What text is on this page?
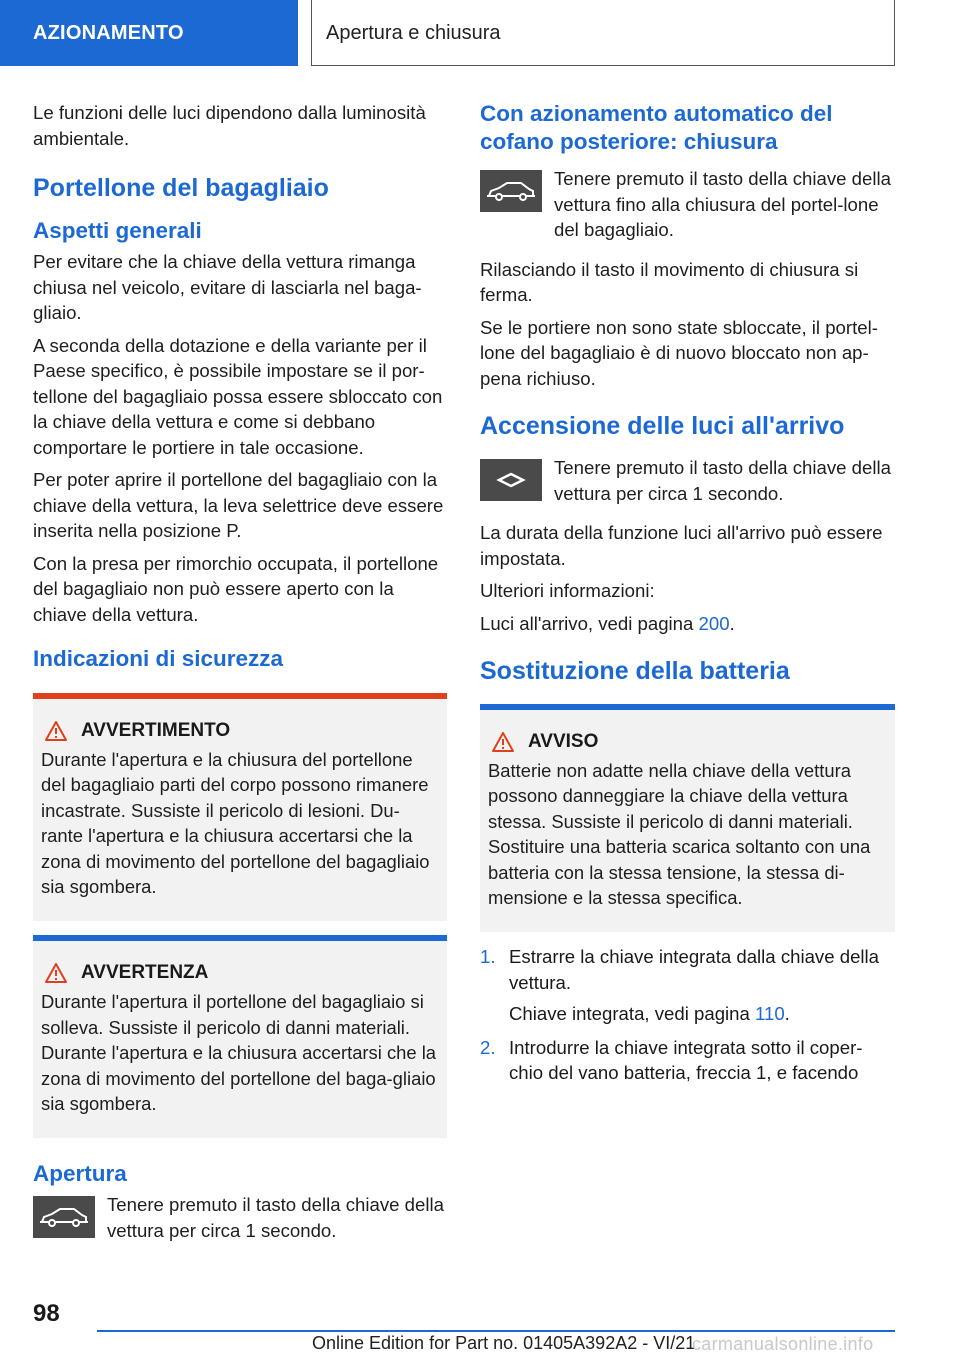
AZIONAMENTO	Apertura e chiusura

Le funzioni delle luci dipendono dalla luminosità ambientale.

Portellone del bagagliaio
Aspetti generali

Per evitare che la chiave della vettura rimanga chiusa nel veicolo, evitare di lasciarla nel baga-gliaio.

A seconda della dotazione e della variante per il Paese specifico, è possibile impostare se il por-tellone del bagagliaio possa essere sbloccato con la chiave della vettura e come si debbano comportare le portiere in tale occasione.

Per poter aprire il portellone del bagagliaio con la chiave della vettura, la leva selettrice deve essere inserita nella posizione P.

Con la presa per rimorchio occupata, il portellone del bagagliaio non può essere aperto con la chiave della vettura.

Indicazioni di sicurezza
AVVERTIMENTO

Durante l'apertura e la chiusura del portellone del bagagliaio parti del corpo possono rimanere incastrate. Sussiste il pericolo di lesioni. Du-rante l'apertura e la chiusura accertarsi che la zona di movimento del portellone del bagagliaio sia sgombera.

AVVERTENZA

Durante l'apertura il portellone del bagagliaio si solleva. Sussiste il pericolo di danni materiali. Durante l'apertura e la chiusura accertarsi che la zona di movimento del portellone del baga-gliaio sia sgombera.

Apertura

Tenere premuto il tasto della chiave della vettura per circa 1 secondo.

Con azionamento automatico del cofano posteriore: chiusura

Tenere premuto il tasto della chiave della vettura fino alla chiusura del portel-lone del bagagliaio.

Rilasciando il tasto il movimento di chiusura si ferma.

Se le portiere non sono state sbloccate, il portel-lone del bagagliaio è di nuovo bloccato non ap-pena richiuso.

Accensione delle luci all'arrivo

Tenere premuto il tasto della chiave della vettura per circa 1 secondo.

La durata della funzione luci all'arrivo può essere impostata.

Ulteriori informazioni:

Luci all'arrivo, vedi pagina 200.

Sostituzione della batteria
AVVISO

Batterie non adatte nella chiave della vettura possono danneggiare la chiave della vettura stessa. Sussiste il pericolo di danni materiali. Sostituire una batteria scarica soltanto con una batteria con la stessa tensione, la stessa di-mensione e la stessa specifica.

1. Estrarre la chiave integrata dalla chiave della vettura.
Chiave integrata, vedi pagina 110.
2. Introdurre la chiave integrata sotto il coper-chio del vano batteria, freccia 1, e facendo
98
Online Edition for Part no. 01405A392A2 - VI/21
carmanualsonline.info
